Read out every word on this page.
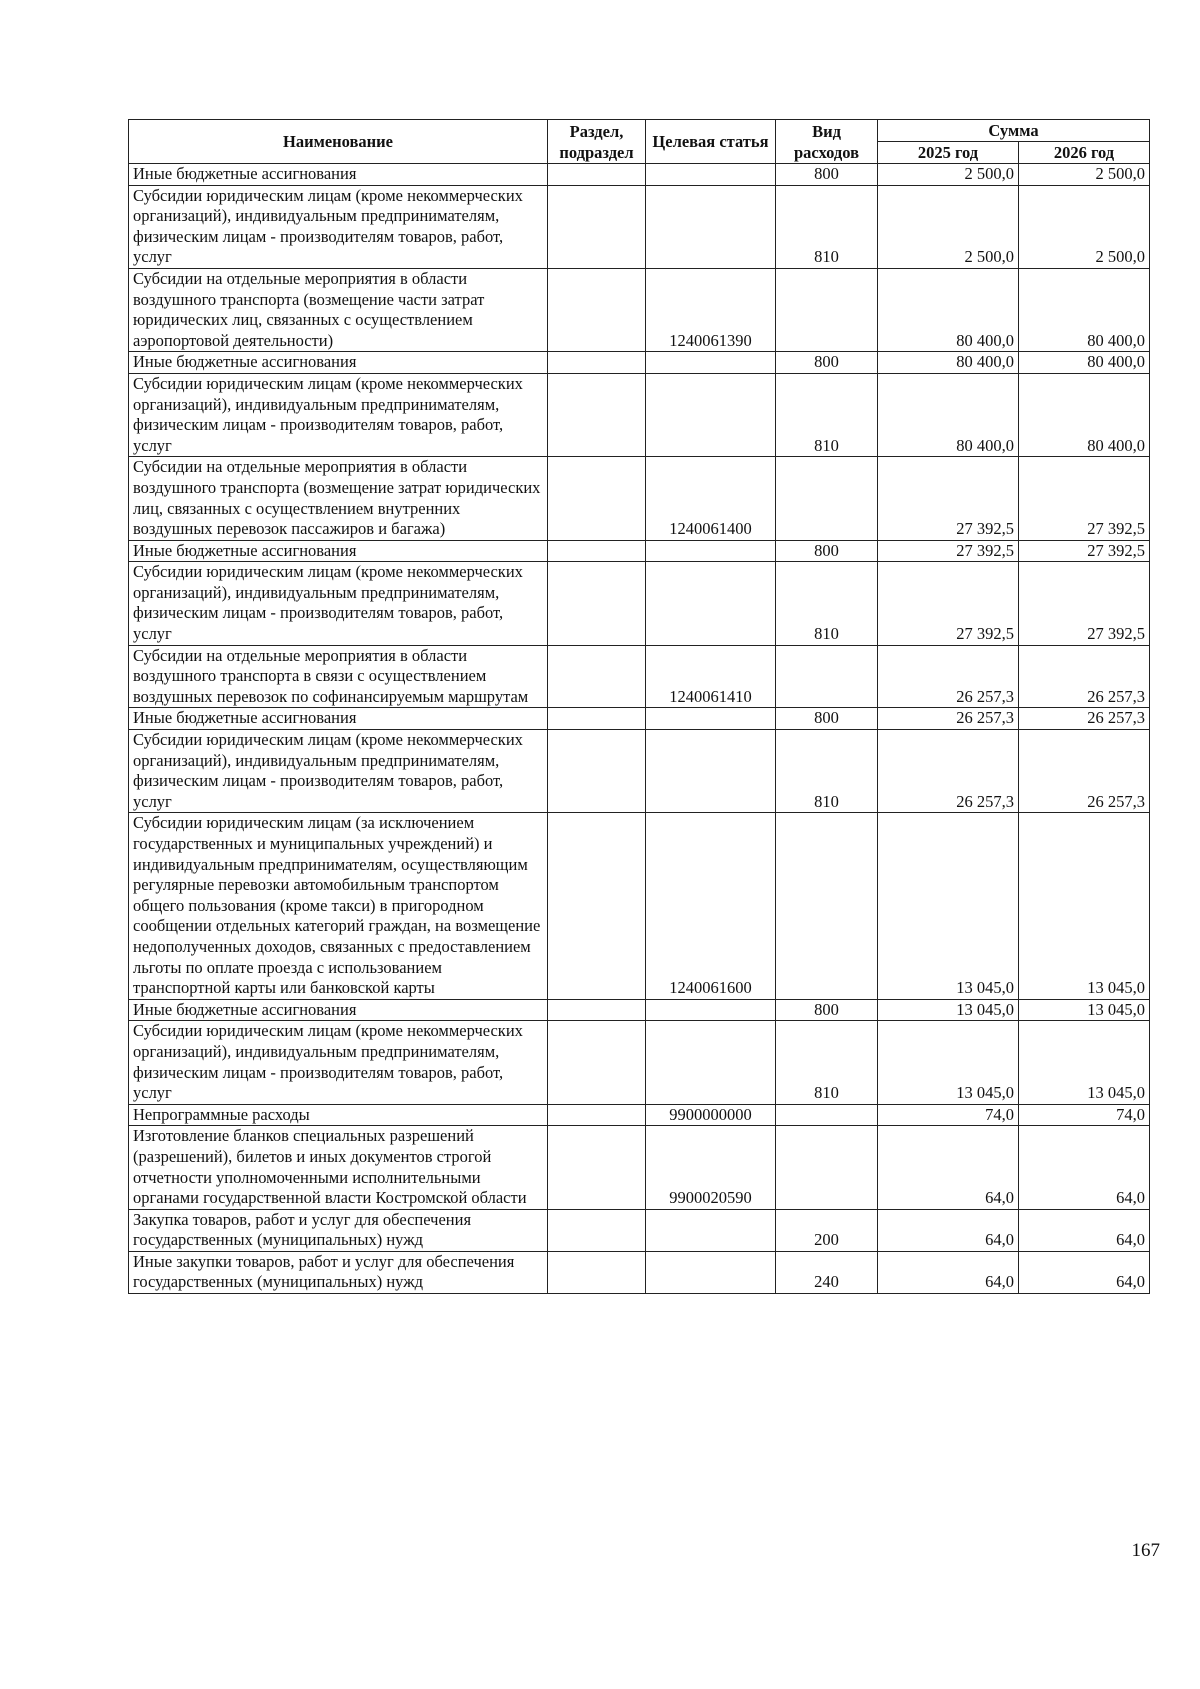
Наименование	Раздел, подраздел	Целевая статья	Вид расходов	Сумма	
				2025 год	2026 год
Иные бюджетные ассигнования			800	2 500,0	2 500,0
Субсидии юридическим лицам (кроме некоммерческих организаций), индивидуальным предпринимателям, физическим лицам - производителям товаров, работ, услуг			810	2 500,0	2 500,0
Субсидии на отдельные мероприятия в области воздушного транспорта (возмещение части затрат юридических лиц, связанных с осуществлением аэропортовой деятельности)		1240061390		80 400,0	80 400,0
Иные бюджетные ассигнования			800	80 400,0	80 400,0
Субсидии юридическим лицам (кроме некоммерческих организаций), индивидуальным предпринимателям, физическим лицам - производителям товаров, работ, услуг			810	80 400,0	80 400,0
Субсидии на отдельные мероприятия в области воздушного транспорта (возмещение затрат юридических лиц, связанных с осуществлением внутренних воздушных перевозок пассажиров и багажа)		1240061400		27 392,5	27 392,5
Иные бюджетные ассигнования			800	27 392,5	27 392,5
Субсидии юридическим лицам (кроме некоммерческих организаций), индивидуальным предпринимателям, физическим лицам - производителям товаров, работ, услуг			810	27 392,5	27 392,5
Субсидии на отдельные мероприятия в области воздушного транспорта в связи с осуществлением воздушных перевозок по софинансируемым маршрутам		1240061410		26 257,3	26 257,3
Иные бюджетные ассигнования			800	26 257,3	26 257,3
Субсидии юридическим лицам (кроме некоммерческих организаций), индивидуальным предпринимателям, физическим лицам - производителям товаров, работ, услуг			810	26 257,3	26 257,3
Субсидии юридическим лицам (за исключением государственных и муниципальных учреждений) и индивидуальным предпринимателям, осуществляющим регулярные перевозки автомобильным транспортом общего пользования (кроме такси) в пригородном сообщении отдельных категорий граждан, на возмещение недополученных доходов, связанных с предоставлением льготы по оплате проезда с использованием транспортной карты или банковской карты		1240061600		13 045,0	13 045,0
Иные бюджетные ассигнования			800	13 045,0	13 045,0
Субсидии юридическим лицам (кроме некоммерческих организаций), индивидуальным предпринимателям, физическим лицам - производителям товаров, работ, услуг			810	13 045,0	13 045,0
Непрограммные расходы		9900000000		74,0	74,0
Изготовление бланков специальных разрешений (разрешений), билетов и иных документов строгой отчетности уполномоченными исполнительными органами государственной власти Костромской области		9900020590		64,0	64,0
Закупка товаров, работ и услуг для обеспечения государственных (муниципальных) нужд			200	64,0	64,0
Иные закупки товаров, работ и услуг для обеспечения государственных (муниципальных) нужд			240	64,0	64,0
167
